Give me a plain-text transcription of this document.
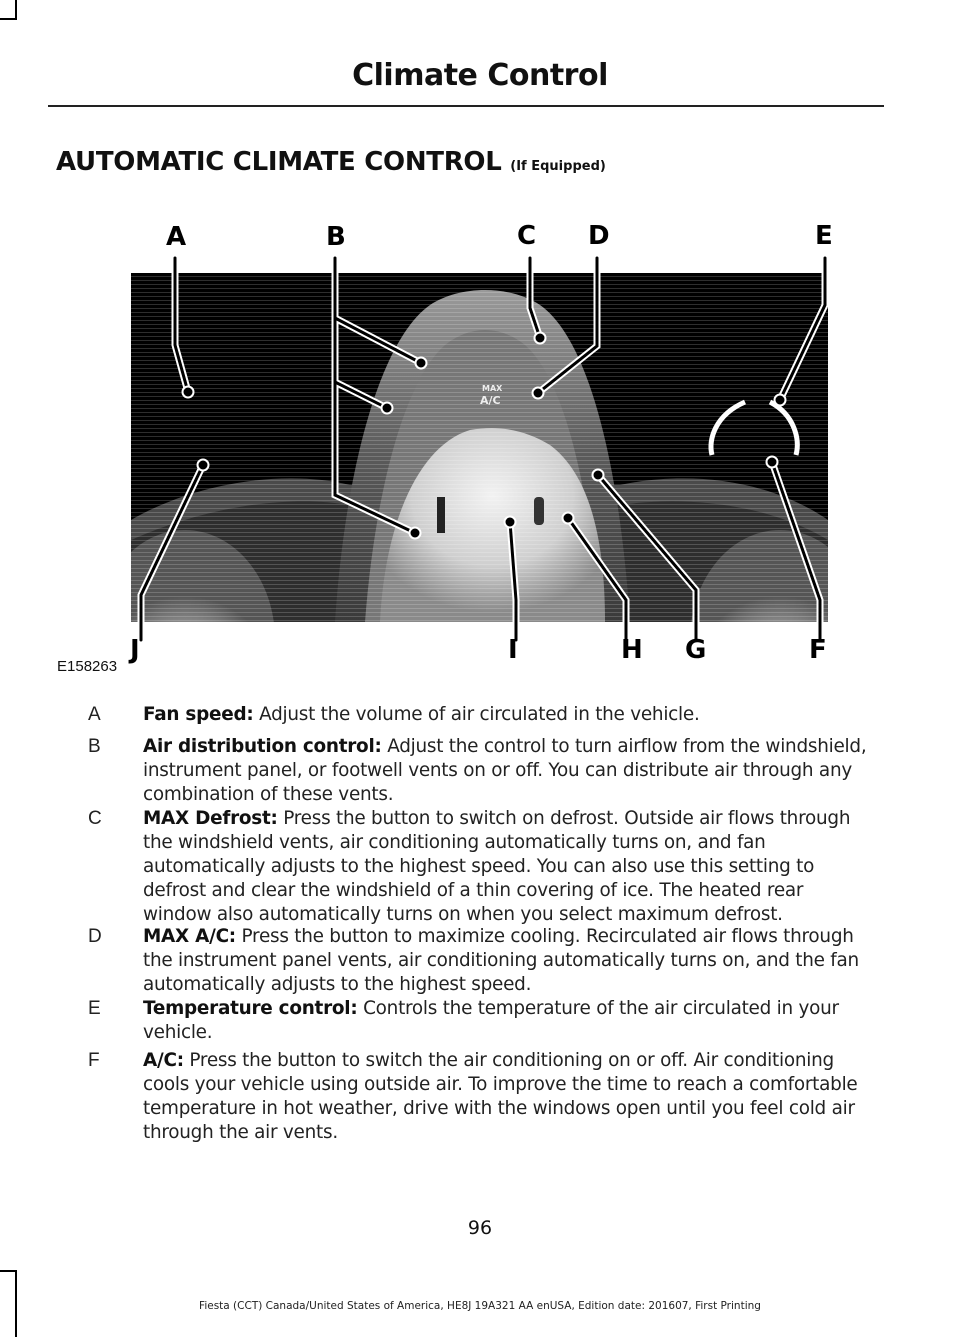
Climate Control
AUTOMATIC CLIMATE CONTROL (If Equipped)
MAX
A/C
A	B	C D	E
J	I	H G	F
E158263
A Fan speed: Adjust the volume of air circulated in the vehicle.
B Air distribution control: Adjust the control to turn airflow from the windshield, instrument panel, or footwell vents on or off. You can distribute air through any combination of these vents.
C MAX Defrost: Press the button to switch on defrost. Outside air flows through the windshield vents, air conditioning automatically turns on, and fan automatically adjusts to the highest speed. You can also use this setting to defrost and clear the windshield of a thin covering of ice. The heated rear window also automatically turns on when you select maximum defrost.
D MAX A/C: Press the button to maximize cooling. Recirculated air flows through the instrument panel vents, air conditioning automatically turns on, and the fan automatically adjusts to the highest speed.
E Temperature control: Controls the temperature of the air circulated in your vehicle.
F A/C: Press the button to switch the air conditioning on or off. Air conditioning cools your vehicle using outside air. To improve the time to reach a comfortable temperature in hot weather, drive with the windows open until you feel cold air through the air vents.
96
Fiesta (CCT) Canada/United States of America, HE8J 19A321 AA enUSA, Edition date: 201607, First Printing
